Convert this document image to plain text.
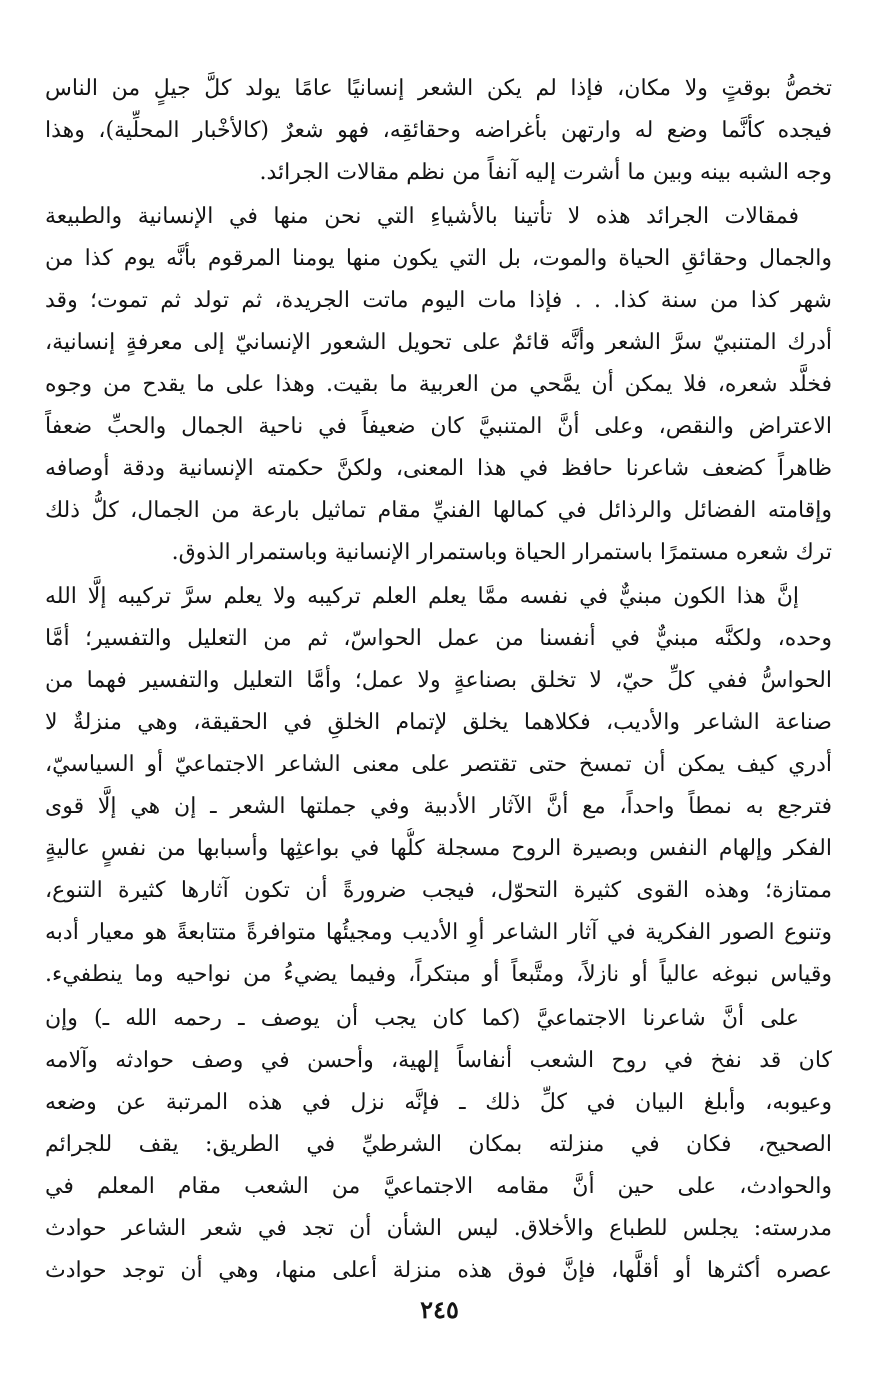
تخصُّ بوقتٍ ولا مكان، فإذا لم يكن الشعر إنسانيًا عامًا يولد كلَّ جيلٍ من الناس
فيجده كأنَّما وضع له وارتهن بأغراضه وحقائقِه، فهو شعرٌ (كالأخْبار المحلِّية)، وهذا
وجه الشبه بينه وبين ما أشرت إليه آنفاً من نظم مقالات الجرائد.
فمقالات الجرائد هذه لا تأتينا بالأشياءِ التي نحن منها في الإنسانية والطبيعة
والجمال وحقائقِ الحياة والموت، بل التي يكون منها يومنا المرقوم بأنَّه يوم كذا من
شهر كذا من سنة كذا. . . فإذا مات اليوم ماتت الجريدة، ثم تولد ثم تموت؛ وقد
أدرك المتنبيّ سرَّ الشعر وأنَّه قائمٌ على تحويل الشعور الإنسانيّ إلى معرفةٍ إنسانية،
فخلَّد شعره، فلا يمكن أن يمَّحي من العربية ما بقيت. وهذا على ما يقدح من وجوه
الاعتراض والنقص، وعلى أنَّ المتنبيَّ كان ضعيفاً في ناحية الجمال والحبِّ ضعفاً
ظاهراً كضعف شاعرنا حافظ في هذا المعنى، ولكنَّ حكمته الإنسانية ودقة أوصافه
وإقامته الفضائل والرذائل في كمالها الفنيِّ مقام تماثيل بارعة من الجمال، كلُّ ذلك
ترك شعره مستمرًا باستمرار الحياة وباستمرار الإنسانية وباستمرار الذوق.
إنَّ هذا الكون مبنيٌّ في نفسه ممَّا يعلم العلم تركيبه ولا يعلم سرَّ تركيبه إلَّا الله
وحده، ولكنَّه مبنيٌّ في أنفسنا من عمل الحواسّ، ثم من التعليل والتفسير؛ أمَّا
الحواسُّ ففي كلِّ حيّ، لا تخلق بصناعةٍ ولا عمل؛ وأمَّا التعليل والتفسير فهما من
صناعة الشاعر والأديب، فكلاهما يخلق لإتمام الخلقِ في الحقيقة، وهي منزلةٌ لا
أدري كيف يمكن أن تمسخ حتى تقتصر على معنى الشاعر الاجتماعيّ أو السياسيّ،
فترجع به نمطاً واحداً، مع أنَّ الآثار الأدبية وفي جملتها الشعر ـ إن هي إلَّا قوى
الفكر وإلهام النفس وبصيرة الروح مسجلة كلُّها في بواعثِها وأسبابها من نفسٍ عاليةٍ
ممتازة؛ وهذه القوى كثيرة التحوّل، فيجب ضرورةً أن تكون آثارها كثيرة التنوع،
وتنوع الصور الفكرية في آثار الشاعر أوِ الأديب ومجيئُها متوافرةً متتابعةً هو معيار أدبه
وقياس نبوغه عالياً أو نازلاً، ومتَّبعاً أو مبتكراً، وفيما يضيءُ من نواحيه وما ينطفيء.
على أنَّ شاعرنا الاجتماعيَّ (كما كان يجب أن يوصف ـ رحمه الله ـ) وإن
كان قد نفخ في روح الشعب أنفاساً إلهية، وأحسن في وصف حوادثه وآلامه
وعيوبه، وأبلغ البيان في كلِّ ذلك ـ فإنَّه نزل في هذه المرتبة عن وضعه
الصحيح، فكان في منزلته بمكان الشرطيِّ في الطريق: يقف للجرائم
والحوادث، على حين أنَّ مقامه الاجتماعيَّ من الشعب مقام المعلم في
مدرسته: يجلس للطباع والأخلاق. ليس الشأن أن تجد في شعر الشاعر حوادث
عصره أكثرها أو أقلَّها، فإنَّ فوق هذه منزلة أعلى منها، وهي أن توجد حوادث
٢٤٥
